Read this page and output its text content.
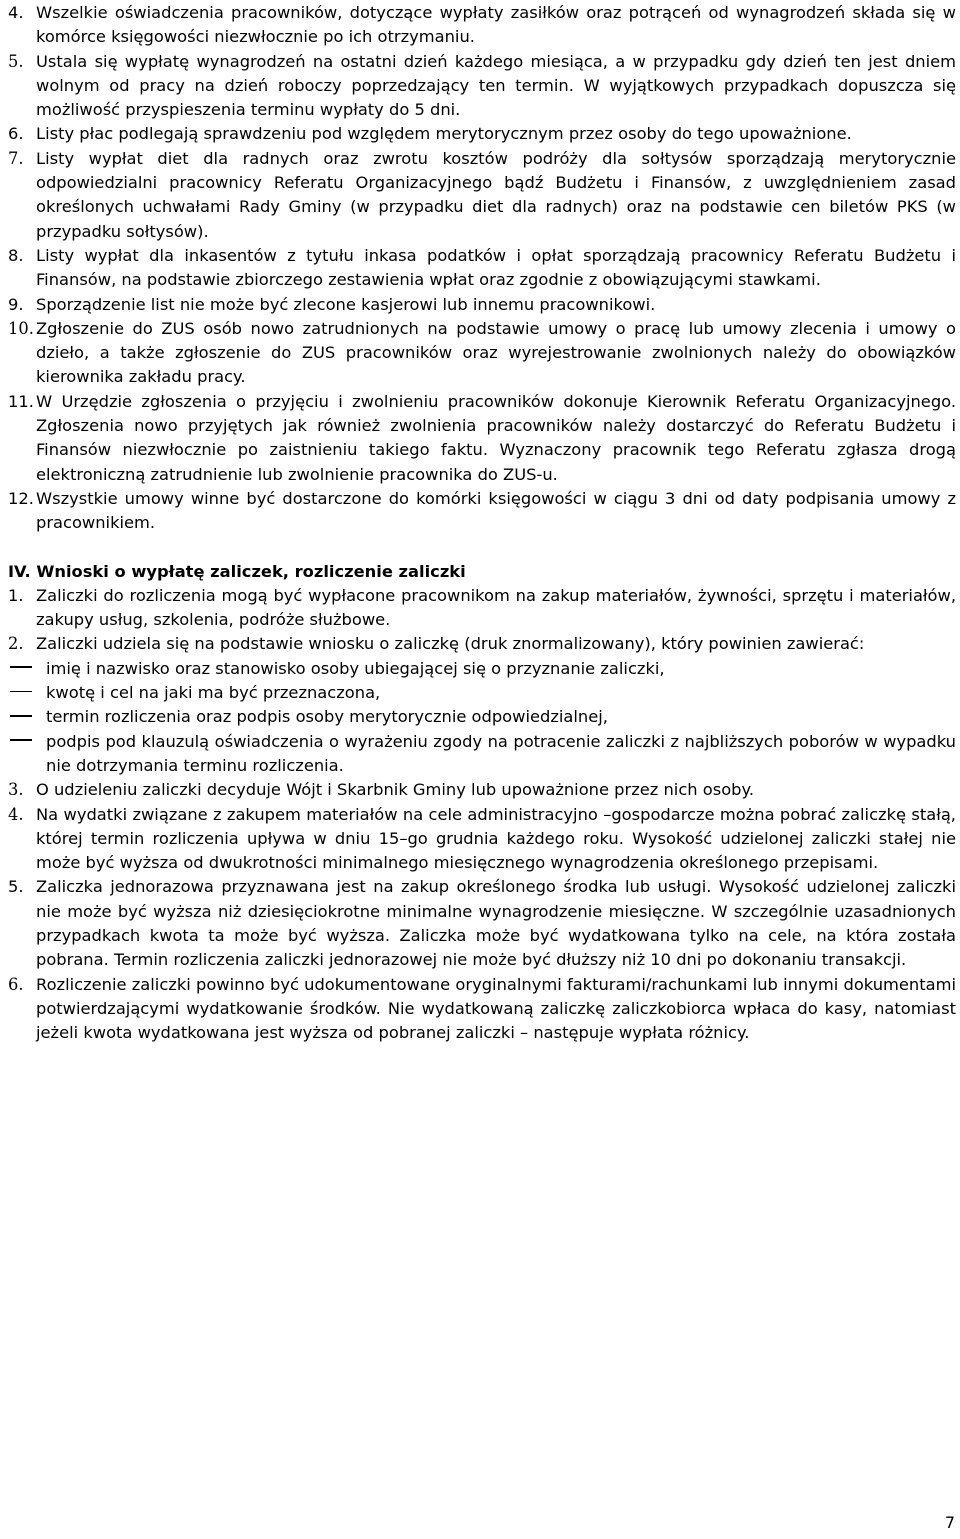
4. Wszelkie oświadczenia pracowników, dotyczące wypłaty zasiłków oraz potrąceń od wynagrodzeń składa się w komórce księgowości niezwłocznie po ich otrzymaniu.
5. Ustala się wypłatę wynagrodzeń na ostatni dzień każdego miesiąca, a w przypadku gdy dzień ten jest dniem wolnym od pracy na dzień roboczy poprzedzający ten termin. W wyjątkowych przypadkach dopuszcza się możliwość przyspieszenia terminu wypłaty do 5 dni.
6. Listy płac podlegają sprawdzeniu pod względem merytorycznym przez osoby do tego upoważnione.
7. Listy wypłat diet dla radnych oraz zwrotu kosztów podróży dla sołtysów sporządzają merytorycznie odpowiedzialni pracownicy Referatu Organizacyjnego bądź Budżetu i Finansów, z uwzględnieniem zasad określonych uchwałami Rady Gminy (w przypadku diet dla radnych) oraz na podstawie cen biletów PKS (w przypadku sołtysów).
8. Listy wypłat dla inkasentów z tytułu inkasa podatków i opłat sporządzają pracownicy Referatu Budżetu i Finansów, na podstawie zbiorczego zestawienia wpłat oraz zgodnie z obowiązującymi stawkami.
9. Sporządzenie list nie może być zlecone kasjerowi lub innemu pracownikowi.
10. Zgłoszenie do ZUS osób nowo zatrudnionych na podstawie umowy o pracę lub umowy zlecenia i umowy o dzieło, a także zgłoszenie do ZUS pracowników oraz wyrejestrowanie zwolnionych należy do obowiązków kierownika zakładu pracy.
11. W Urzędzie zgłoszenia o przyjęciu i zwolnieniu pracowników dokonuje Kierownik Referatu Organizacyjnego. Zgłoszenia nowo przyjętych jak również zwolnienia pracowników należy dostarczyć do Referatu Budżetu i Finansów niezwłocznie po zaistnieniu takiego faktu. Wyznaczony pracownik tego Referatu zgłasza drogą elektroniczną zatrudnienie lub zwolnienie pracownika do ZUS-u.
12. Wszystkie umowy winne być dostarczone do komórki księgowości w ciągu 3 dni od daty podpisania umowy z pracownikiem.
IV. Wnioski o wypłatę zaliczek, rozliczenie zaliczki
1. Zaliczki do rozliczenia mogą być wypłacone pracownikom na zakup materiałów, żywności, sprzętu i materiałów, zakupy usług, szkolenia, podróże służbowe.
2. Zaliczki udziela się na podstawie wniosku o zaliczkę (druk znormalizowany), który powinien zawierać:
imię i nazwisko oraz stanowisko osoby ubiegającej się o przyznanie zaliczki,
kwotę i cel na jaki ma być przeznaczona,
termin rozliczenia oraz podpis osoby merytorycznie odpowiedzialnej,
podpis pod klauzulą oświadczenia o wyrażeniu zgody na potracenie zaliczki z najbliższych poborów w wypadku nie dotrzymania terminu rozliczenia.
3. O udzieleniu zaliczki decyduje Wójt i Skarbnik Gminy lub upoważnione przez nich osoby.
4. Na wydatki związane z zakupem materiałów na cele administracyjno –gospodarcze można pobrać zaliczkę stałą, której termin rozliczenia upływa w dniu 15–go grudnia każdego roku. Wysokość udzielonej zaliczki stałej nie może być wyższa od dwukrotności minimalnego miesięcznego wynagrodzenia określonego przepisami.
5. Zaliczka jednorazowa przyznawana jest na zakup określonego środka lub usługi. Wysokość udzielonej zaliczki nie może być wyższa niż dziesięciokrotne minimalne wynagrodzenie miesięczne. W szczególnie uzasadnionych przypadkach kwota ta może być wyższa. Zaliczka może być wydatkowana tylko na cele, na która została pobrana. Termin rozliczenia zaliczki jednorazowej nie może być dłuższy niż 10 dni po dokonaniu transakcji.
6. Rozliczenie zaliczki powinno być udokumentowane oryginalnymi fakturami/rachunkami lub innymi dokumentami potwierdzającymi wydatkowanie środków. Nie wydatkowaną zaliczkę zaliczkobiorca wpłaca do kasy, natomiast jeżeli kwota wydatkowana jest wyższa od pobranej zaliczki – następuje wypłata różnicy.
7
